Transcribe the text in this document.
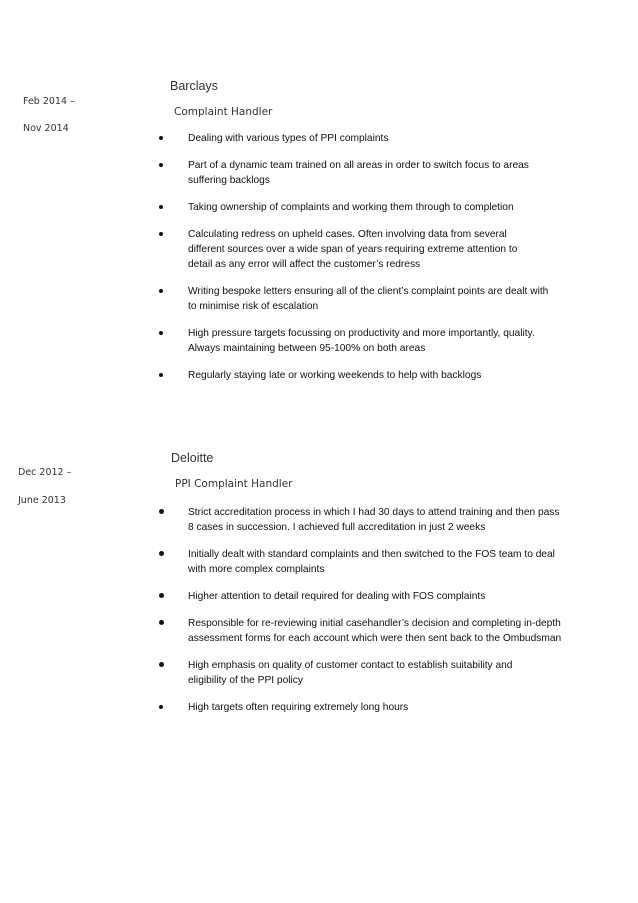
Feb 2014 –
Nov 2014
Barclays
Complaint Handler
Dealing with various types of PPI complaints
Part of a dynamic team trained on all areas in order to switch focus to areas suffering backlogs
Taking ownership of complaints and working them through to completion
Calculating redress on upheld cases. Often involving data from several different sources over a wide span of years requiring extreme attention to detail as any error will affect the customer’s redress
Writing bespoke letters ensuring all of the client’s complaint points are dealt with to minimise risk of escalation
High pressure targets focussing on productivity and more importantly, quality. Always maintaining between 95-100% on both areas
Regularly staying late or working weekends to help with backlogs
Dec 2012 –
June 2013
Deloitte
PPI Complaint Handler
Strict accreditation process in which I had 30 days to attend training and then pass 8 cases in succession. I achieved full accreditation in just 2 weeks
Initially dealt with standard complaints and then switched to the FOS team to deal with more complex complaints
Higher attention to detail required for dealing with FOS complaints
Responsible for re-reviewing initial casehandler’s decision and completing in-depth assessment forms for each account which were then sent back to the Ombudsman
High emphasis on quality of customer contact to establish suitability and eligibility of the PPI policy
High targets often requiring extremely long hours
